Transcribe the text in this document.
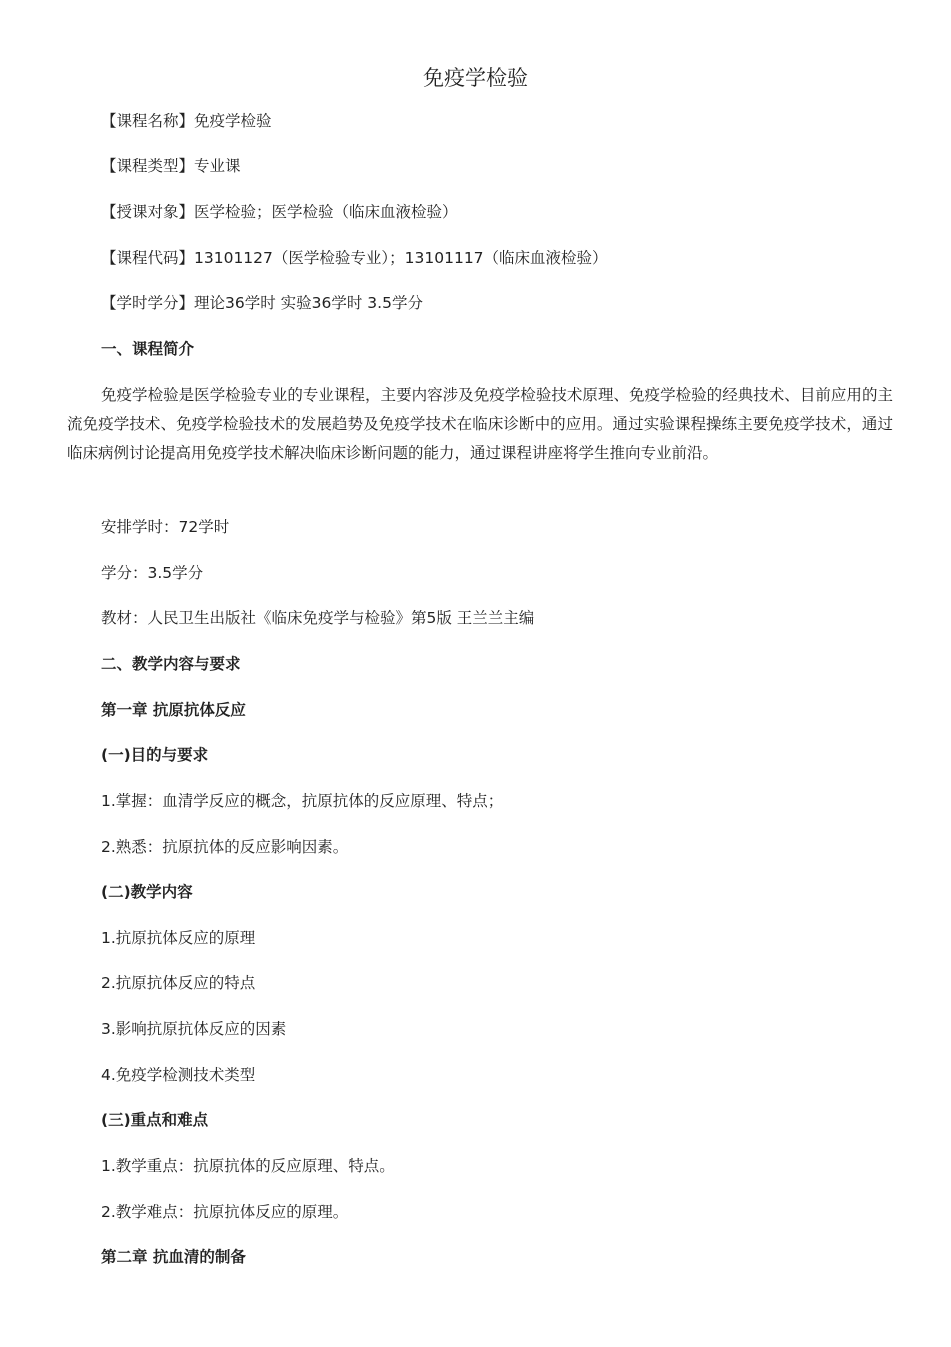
免疫学检验
【课程名称】免疫学检验
【课程类型】专业课
【授课对象】医学检验；医学检验（临床血液检验）
【课程代码】13101127（医学检验专业）；13101117（临床血液检验）
【学时学分】理论36学时 实验36学时 3.5学分
一、课程简介
免疫学检验是医学检验专业的专业课程，主要内容涉及免疫学检验技术原理、免疫学检验的经典技术、目前应用的主流免疫学技术、免疫学检验技术的发展趋势及免疫学技术在临床诊断中的应用。通过实验课程操练主要免疫学技术，通过临床病例讨论提高用免疫学技术解决临床诊断问题的能力，通过课程讲座将学生推向专业前沿。
安排学时：72学时
学分：3.5学分
教材：人民卫生出版社《临床免疫学与检验》第5版 王兰兰主编
二、教学内容与要求
第一章 抗原抗体反应
(一)目的与要求
1.掌握：血清学反应的概念，抗原抗体的反应原理、特点；
2.熟悉：抗原抗体的反应影响因素。
(二)教学内容
1.抗原抗体反应的原理
2.抗原抗体反应的特点
3.影响抗原抗体反应的因素
4.免疫学检测技术类型
(三)重点和难点
1.教学重点：抗原抗体的反应原理、特点。
2.教学难点：抗原抗体反应的原理。
第二章 抗血清的制备
